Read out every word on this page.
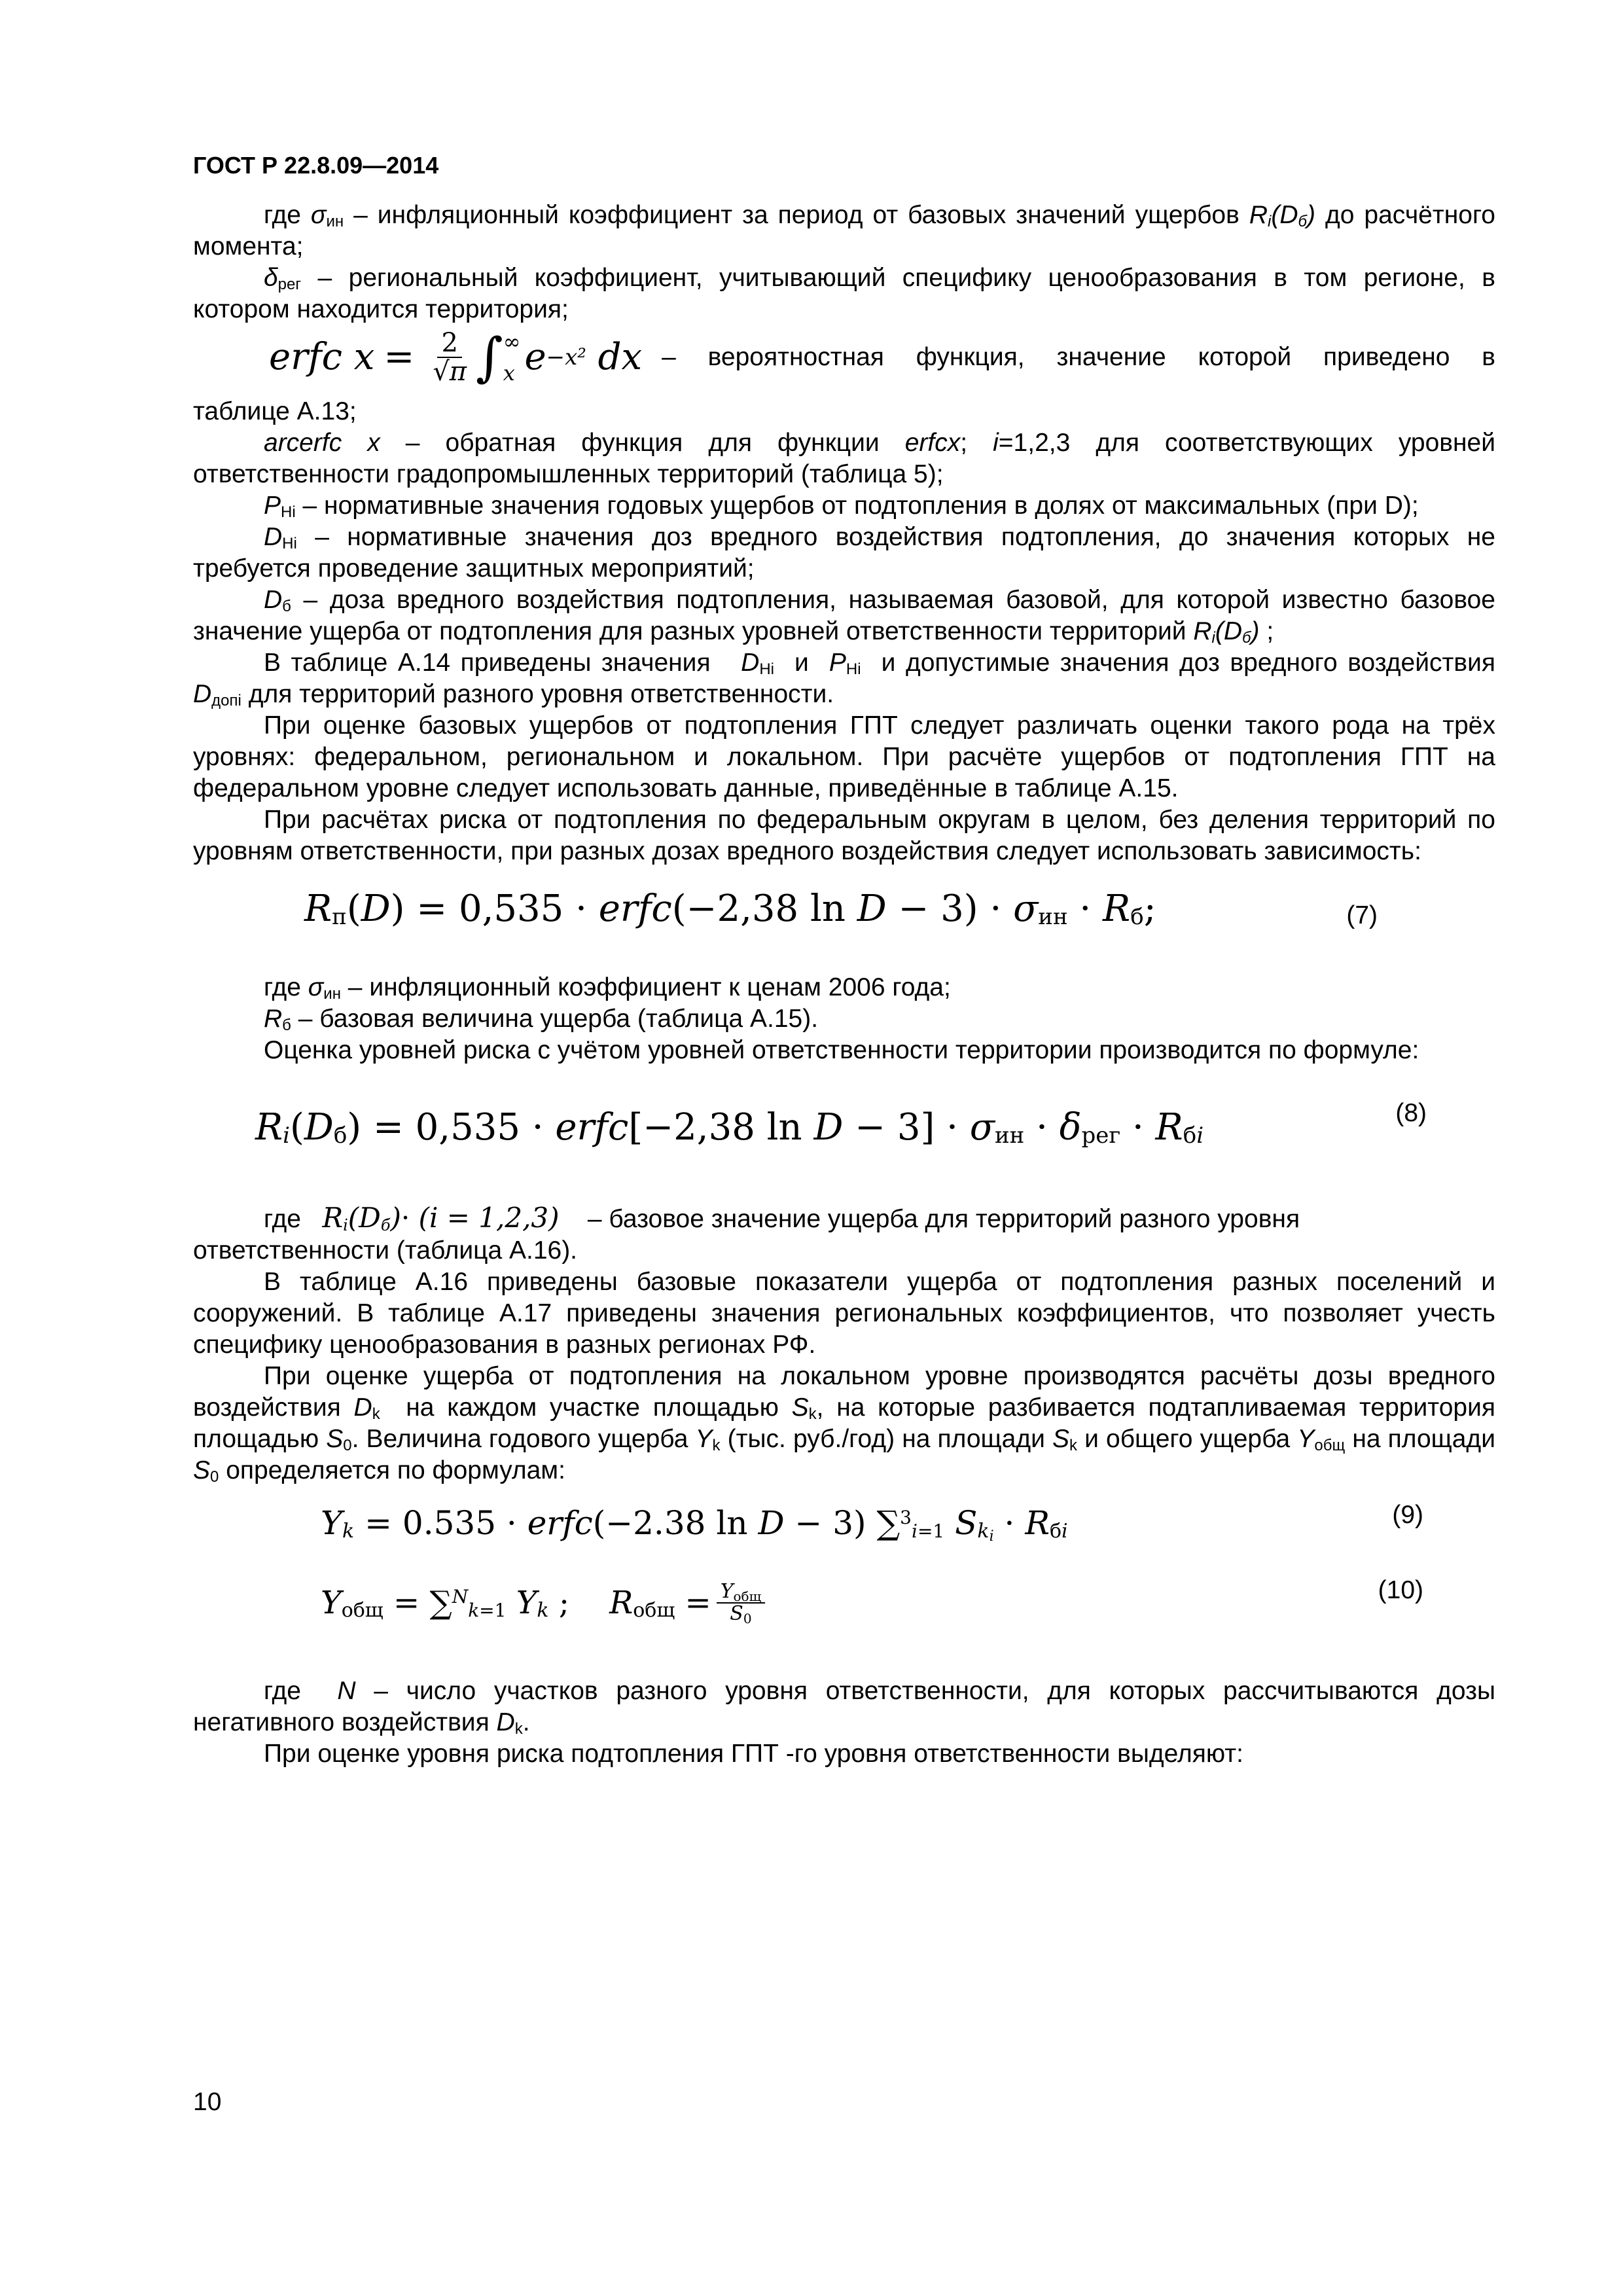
ГОСТ Р 22.8.09—2014

где $\sigma_{ин}$ – инфляционный коэффициент за период от базовых значений ущербов $R_i(D_б)$ до расчётного момента;

$\delta_{рег}$ – региональный коэффициент, учитывающий специфику ценообразования в том регионе, в котором находится территория;

erfc $x = \frac{2}{√\pi}$ ∫ ∞
x e −x² dx – вероятностная функция, значение которой приведено в

таблице А.13;

arcerfc x – обратная функция для функции erfcx; i=1,2,3 для соответствующих уровней ответственности градопромышленных территорий (таблица 5);

$P_{Hi}$ – нормативные значения годовых ущербов от подтопления в долях от максимальных (при D);

$D_{Hi}$ – нормативные значения доз вредного воздействия подтопления, до значения которых не требуется проведение защитных мероприятий;

$D_б$ – доза вредного воздействия подтопления, называемая базовой, для которой известно базовое значение ущерба от подтопления для разных уровней ответственности территорий $R_i(D_б)$ ;

В таблице А.14 приведены значения   $D_{Hi}$  и  $P_{Hi}$  и допустимые значения доз вредного воздействия $D_{допi}$ для территорий разного уровня ответственности.

При оценке базовых ущербов от подтопления ГПТ следует различать оценки такого рода на трёх уровнях: федеральном, региональном и локальном. При расчёте ущербов от подтопления ГПТ на федеральном уровне следует использовать данные, приведённые в таблице А.15.

При расчётах риска от подтопления по федеральным округам в целом, без деления территорий по уровням ответственности, при разных дозах вредного воздействия следует использовать зависимость:

$R_п(D) = 0,535$ · erfc(−2,38 $\ln D - 3) \cdot \sigma_{ин} \cdot R_б$;	(7)

где $\sigma_{ин}$ – инфляционный коэффициент к ценам 2006 года;

$R_б$ – базовая величина ущерба (таблица А.15).

Оценка уровней риска с учётом уровней ответственности территории производится по формуле:

$R_i(D_б) = 0,535$ · erfc[−2,38 $\ln D - 3] \cdot \sigma_{ин} \cdot \delta_{рег} \cdot R_{бi}$
(8)

где $R_i(D_б)\cdot (i = 1,2,3)$ – базовое значение ущерба для территорий разного уровня

ответственности (таблица А.16).

В таблице А.16 приведены базовые показатели ущерба от подтопления разных поселений и сооружений. В таблице А.17 приведены значения региональных коэффициентов, что позволяет учесть специфику ценообразования в разных регионах РФ.

При оценке ущерба от подтопления на локальном уровне производятся расчёты дозы вредного воздействия $D_k$  на каждом участке площадью $S_k$, на которые разбивается подтапливаемая территория площадью $S_0$. Величина годового ущерба $Y_k$ (тыс. руб./год) на площади $S_k$ и общего ущерба $Y_{общ}$ на площади $S_0$ определяется по формулам:

$Y_k = 0.535$ · erfc(−2.38 ln D − 3) ∑$^3_{i=1}$ $S_{k_i} \cdot R_{бi}$
(9)
$Y_{общ} = \sum^N_{k=1}$ $Y_k$ ;    $R_{общ} = \frac{Y_{общ}}{S_0}$	(10)

где  N – число участков разного уровня ответственности, для которых рассчитываются дозы негативного воздействия $D_k$.

При оценке уровня риска подтопления ГПТ -го уровня ответственности выделяют:

10
